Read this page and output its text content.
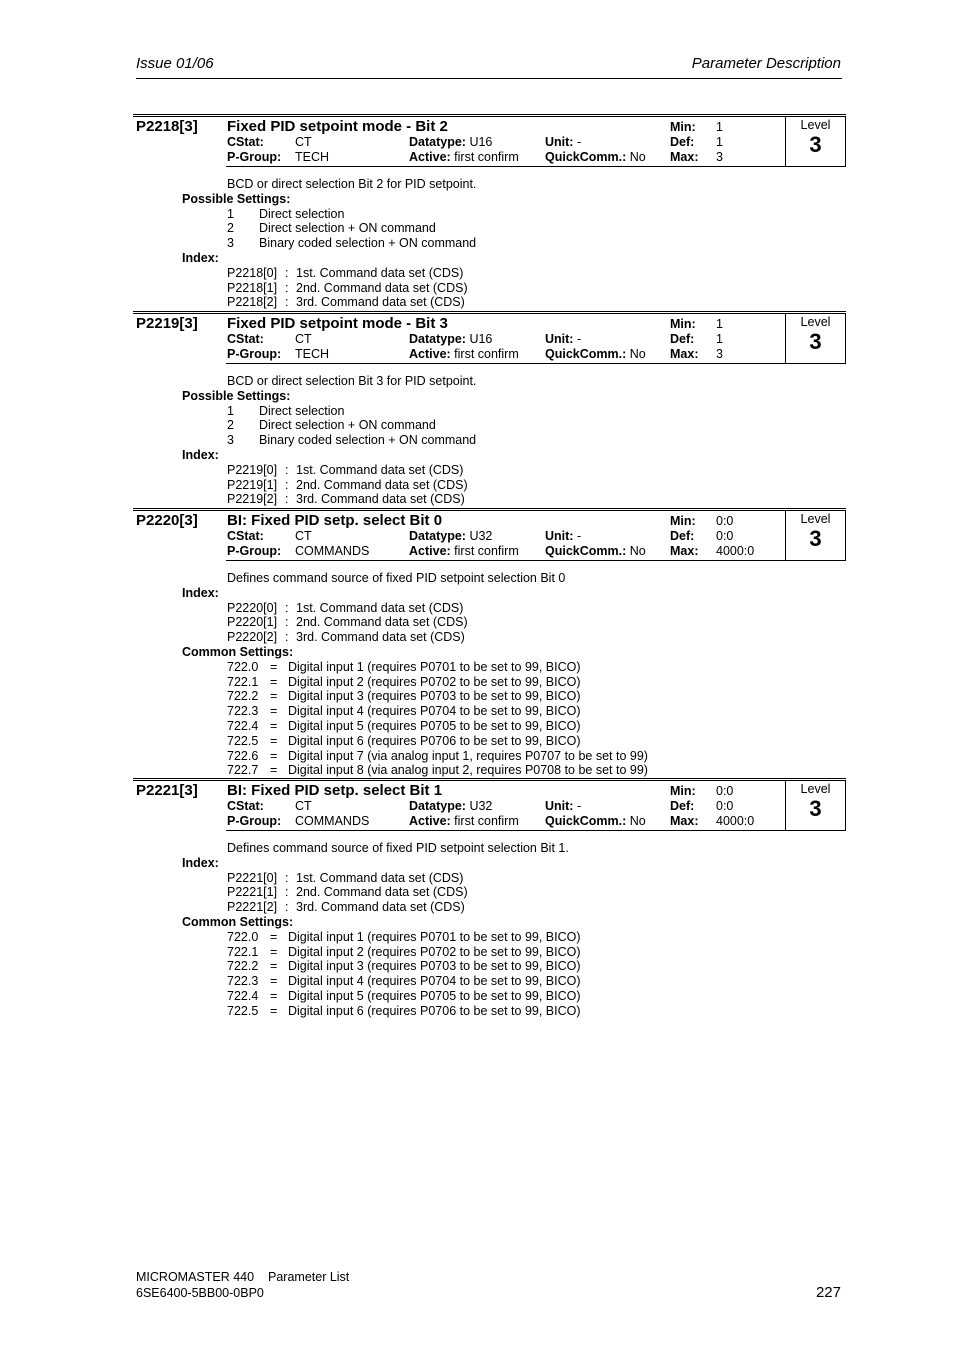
Issue 01/06	Parameter Description
Level
3
P2218[3] Fixed PID setpoint mode - Bit 2
CStat: CT
P-Group: TECH
Datatype: U16
Active: first confirm
Unit: -
QuickComm.: No
Min: 1
Def: 1
Max: 3
BCD or direct selection Bit 2 for PID setpoint.
Possible Settings:
1 Direct selection
2 Direct selection + ON command
3 Binary coded selection + ON command
Index:
P2218[0] : 1st. Command data set (CDS)
P2218[1] : 2nd. Command data set (CDS)
P2218[2] : 3rd. Command data set (CDS)
Level
3
P2219[3] Fixed PID setpoint mode - Bit 3
CStat: CT
P-Group: TECH
Datatype: U16
Active: first confirm
Unit: -
QuickComm.: No
Min: 1
Def: 1
Max: 3
BCD or direct selection Bit 3 for PID setpoint.
Possible Settings:
1 Direct selection
2 Direct selection + ON command
3 Binary coded selection + ON command
Index:
P2219[0] : 1st. Command data set (CDS)
P2219[1] : 2nd. Command data set (CDS)
P2219[2] : 3rd. Command data set (CDS)
Level
3
P2220[3] BI: Fixed PID setp. select Bit 0
CStat: CT
P-Group: COMMANDS
Datatype: U32
Active: first confirm
Unit: -
QuickComm.: No
Min: 0:0
Def: 0:0
Max: 4000:0
Defines command source of fixed PID setpoint selection Bit 0
Index:
P2220[0] : 1st. Command data set (CDS)
P2220[1] : 2nd. Command data set (CDS)
P2220[2] : 3rd. Command data set (CDS)
Common Settings:
722.0 = Digital input 1 (requires P0701 to be set to 99, BICO)
722.1 = Digital input 2 (requires P0702 to be set to 99, BICO)
722.2 = Digital input 3 (requires P0703 to be set to 99, BICO)
722.3 = Digital input 4 (requires P0704 to be set to 99, BICO)
722.4 = Digital input 5 (requires P0705 to be set to 99, BICO)
722.5 = Digital input 6 (requires P0706 to be set to 99, BICO)
722.6 = Digital input 7 (via analog input 1, requires P0707 to be set to 99)
722.7 = Digital input 8 (via analog input 2, requires P0708 to be set to 99)
Level
3
P2221[3] BI: Fixed PID setp. select Bit 1
CStat: CT
P-Group: COMMANDS
Datatype: U32
Active: first confirm
Unit: -
QuickComm.: No
Min: 0:0
Def: 0:0
Max: 4000:0
Defines command source of fixed PID setpoint selection Bit 1.
Index:
P2221[0] : 1st. Command data set (CDS)
P2221[1] : 2nd. Command data set (CDS)
P2221[2] : 3rd. Command data set (CDS)
Common Settings:
722.0 = Digital input 1 (requires P0701 to be set to 99, BICO)
722.1 = Digital input 2 (requires P0702 to be set to 99, BICO)
722.2 = Digital input 3 (requires P0703 to be set to 99, BICO)
722.3 = Digital input 4 (requires P0704 to be set to 99, BICO)
722.4 = Digital input 5 (requires P0705 to be set to 99, BICO)
722.5 = Digital input 6 (requires P0706 to be set to 99, BICO)
MICROMASTER 440 Parameter List
6SE6400-5BB00-0BP0	227
